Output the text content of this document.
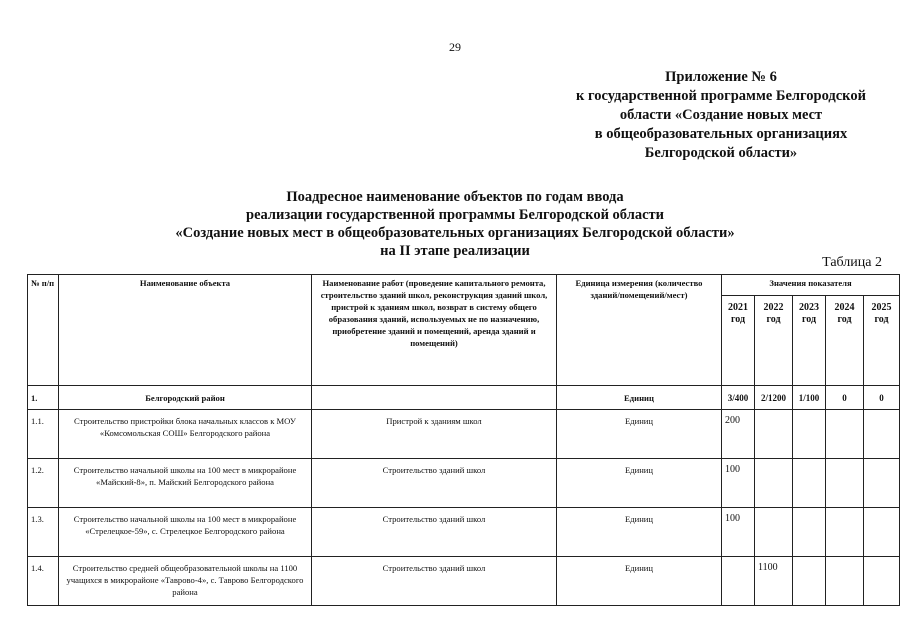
29
Приложение № 6
к государственной программе Белгородской
области «Создание новых мест
в общеобразовательных организациях
Белгородской области»
Поадресное наименование объектов по годам ввода
реализации государственной программы Белгородской области
«Создание новых мест в общеобразовательных организациях Белгородской области»
на II этапе реализации
Таблица 2
№ п/п	Наименование объекта	Наименование работ (проведение капитального ремонта, строительство зданий школ, реконструкция зданий школ, пристрой к зданиям школ, возврат в систему общего образования зданий, используемых не по назначению, приобретение зданий и помещений, аренда зданий и помещений)	Единица измерения (количество зданий/помещений/мест)	Значения показателя				
				2021 год	2022 год	2023 год	2024 год	2025 год
1.	Белгородский район		Единиц	3/400	2/1200	1/100	0	0
1.1.	Строительство пристройки блока начальных классов к МОУ «Комсомольская СОШ» Белгородского района	Пристрой к зданиям школ	Единиц	200				
1.2.	Строительство начальной школы на 100 мест в микрорайоне «Майский-8», п. Майский Белгородского района	Строительство зданий школ	Единиц	100				
1.3.	Строительство начальной школы на 100 мест в микрорайоне «Стрелецкое-59», с. Стрелецкое Белгородского района	Строительство зданий школ	Единиц	100				
1.4.	Строительство средней общеобразовательной школы на 1100 учащихся в микрорайоне «Таврово-4», с. Таврово Белгородского района	Строительство зданий школ	Единиц		1100			
